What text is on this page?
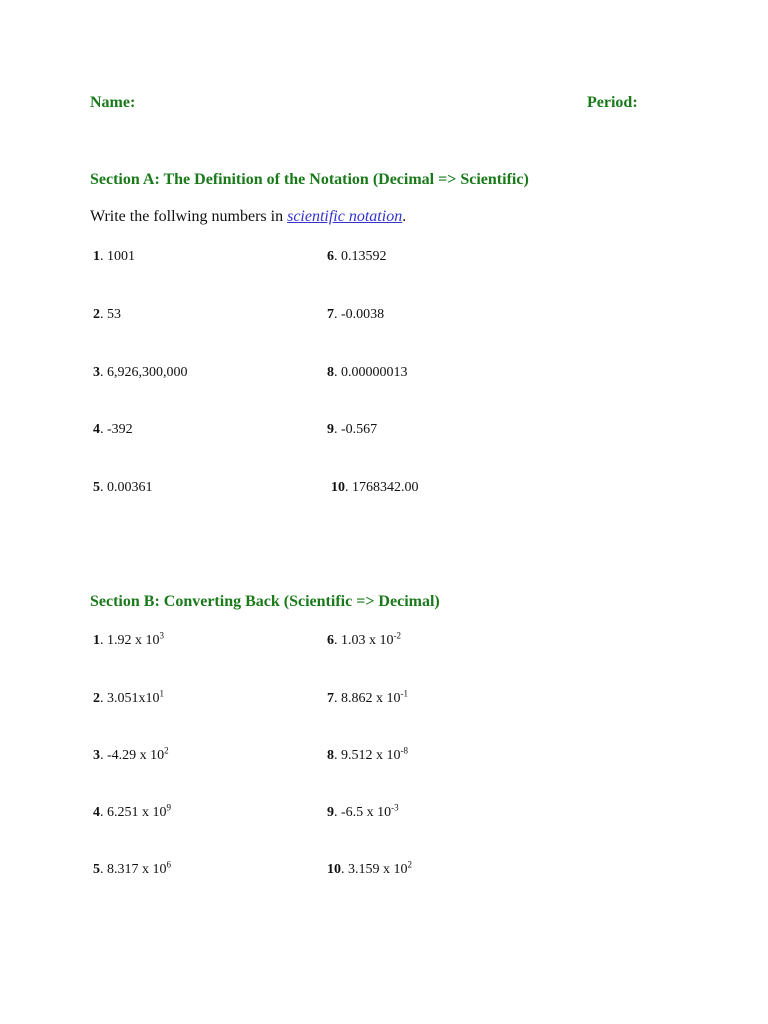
Name:	Period:
Section A: The Definition of the Notation (Decimal => Scientific)
Write the follwing numbers in scientific notation.
1. 1001
2. 53
3. 6,926,300,000
4. -392
5. 0.00361
6. 0.13592
7. -0.0038
8. 0.00000013
9. -0.567
10. 1768342.00
Section B: Converting Back (Scientific => Decimal)
1. 1.92 x $10^3$
2. $3.051x10^1$
3. -4.29 x $10^2$
4. 6.251 x $10^9$
5. 8.317 x $10^6$
6. 1.03 x $10^{-2}$
7. 8.862 x $10^{-1}$
8. 9.512 x $10^{-8}$
9. -6.5 x $10^{-3}$
10. 3.159 x $10^2$
